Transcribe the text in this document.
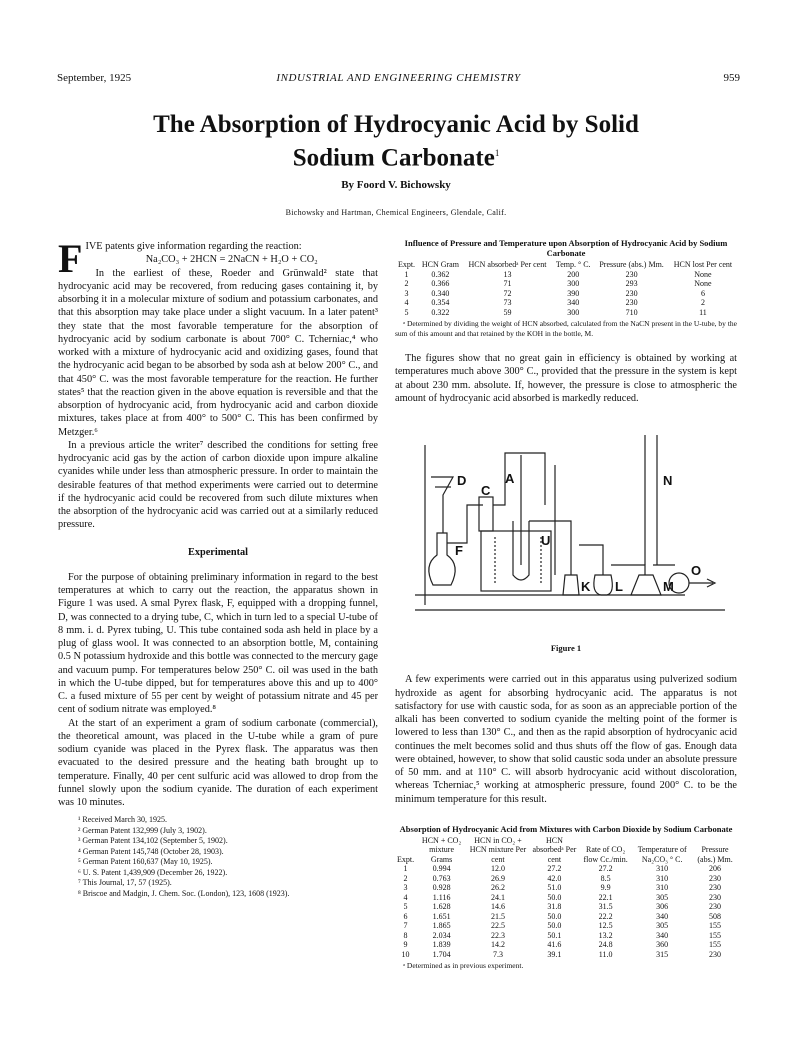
September, 1925	INDUSTRIAL AND ENGINEERING CHEMISTRY	959
The Absorption of Hydrocyanic Acid by Solid
Sodium Carbonate$^1$
By Foord V. Bichowsky
Bichowsky and Hartman, Chemical Engineers, Glendale, Calif.

FIVE patents give information regarding the reaction:

Na₂CO₃ + 2HCN = 2NaCN + H₂O + CO₂

In the earliest of these, Roeder and Grünwald² state that hydrocyanic acid may be recovered, from reducing gases containing it, by absorbing it in a molecular mixture of sodium and potassium carbonates, and that this absorption may take place under a slight vacuum. In a later patent³ they state that the most favorable temperature for the absorption of hydrocyanic acid by sodium carbonate is about 700° C. Tcherniac,⁴ who worked with a mixture of hydrocyanic acid and oxidizing gases, found that the hydrocyanic acid began to be absorbed by soda ash at below 200° C., and that 450° C. was the most favorable temperature for the reaction. He further states⁵ that the reaction given in the above equation is reversible and that the absorption of hydrocyanic acid, from hydrocyanic acid and carbon dioxide mixtures, takes place at from 400° to 500° C. This has been confirmed by Metzger.⁶

In a previous article the writer⁷ described the conditions for setting free hydrocyanic acid gas by the action of carbon dioxide upon impure alkaline cyanides while under less than atmospheric pressure. In order to maintain the desirable features of that method experiments were carried out to determine if the hydrocyanic acid could be recovered from such dilute mixtures when the absorption of the hydrocyanic acid was carried out at a similarly reduced pressure.

Experimental

For the purpose of obtaining preliminary information in regard to the best temperatures at which to carry out the reaction, the apparatus shown in Figure 1 was used. A smal Pyrex flask, F, equipped with a dropping funnel, D, was connected to a drying tube, C, which in turn led to a special U-tube of 8 mm. i. d. Pyrex tubing, U. This tube contained soda ash held in place by a plug of glass wool. It was connected to an absorption bottle, M, containing 0.5 N potassium hydroxide and this bottle was connected to the mercury gage and vacuum pump. For temperatures below 250° C. oil was used in the bath in which the U-tube dipped, but for temperatures above this and up to 400° C. a fused mixture of 55 per cent by weight of potassium nitrate and 45 per cent of sodium nitrate was employed.⁸

At the start of an experiment a gram of sodium carbonate (commercial), the theoretical amount, was placed in the U-tube while a gram of pure sodium cyanide was placed in the Pyrex flask. The apparatus was then evacuated to the desired pressure and the heating bath brought up to temperature. Finally, 40 per cent sulfuric acid was allowed to drop from the funnel slowly upon the sodium cyanide. The duration of each experiment was 10 minutes.

¹ Received March 30, 1925.
² German Patent 132,999 (July 3, 1902).
³ German Patent 134,102 (September 5, 1902).
⁴ German Patent 145,748 (October 28, 1903).
⁵ German Patent 160,637 (May 10, 1925).
⁶ U. S. Patent 1,439,909 (December 26, 1922).
⁷ This Journal, 17, 57 (1925).
⁸ Briscoe and Madgin, J. Chem. Soc. (London), 123, 1608 (1923).
Influence of Pressure and Temperature upon Absorption of Hydrocyanic Acid by Sodium Carbonate
Expt.	HCN Gram	HCN absorbedᵃ Per cent	Temp. ° C.	Pressure (abs.) Mm.	HCN lost Per cent
1	0.362	13	200	230	None
2	0.366	71	300	293	None
3	0.340	72	390	230	6
4	0.354	73	340	230	2
5	0.322	59	300	710	11
ᵃ Determined by dividing the weight of HCN absorbed, calculated from the NaCN present in the U-tube, by the sum of this amount and that retained by the KOH in the bottle, M.

The figures show that no great gain in efficiency is obtained by working at temperatures much above 300° C., provided that the pressure in the system is kept at about 230 mm. absolute. If, however, the pressure is close to atmospheric the amount of hydrocyanic acid absorbed is markedly reduced.

D	A
C
F
U
K L	M
O
N
Figure 1

A few experiments were carried out in this apparatus using pulverized sodium hydroxide as agent for absorbing hydrocyanic acid. The apparatus is not satisfactory for use with caustic soda, for as soon as an appreciable portion of the alkali has been converted to sodium cyanide the melting point of the former is lowered to less than 130° C., and then as the rapid absorption of hydrocyanic acid continues the melt becomes solid and thus shuts off the flow of gas. Enough data were obtained, however, to show that solid caustic soda under an absolute pressure of 50 mm. and at 110° C. will absorb hydrocyanic acid without discoloration, whereas Tcherniac,⁵ working at atmospheric pressure, found 200° C. to be the minimum temperature for this result.

Absorption of Hydrocyanic Acid from Mixtures with Carbon Dioxide by Sodium Carbonate
Expt.	HCN + CO₂ mixture Grams	HCN in CO₂ + HCN mixture Per cent	HCN absorbedᵃ Per cent	Rate of CO₂ flow Cc./min.	Temperature of Na₂CO₃ ° C.	Pressure (abs.) Mm.
1	0.994	12.0	27.2	27.2	310	206
2	0.763	26.9	42.0	8.5	310	230
3	0.928	26.2	51.0	9.9	310	230
4	1.116	24.1	50.0	22.1	305	230
5	1.628	14.6	31.8	31.5	306	230
6	1.651	21.5	50.0	22.2	340	508
7	1.865	22.5	50.0	12.5	305	155
8	2.034	22.3	50.1	13.2	340	155
9	1.839	14.2	41.6	24.8	360	155
10	1.704	7.3	39.1	11.0	315	230
ᵃ Determined as in previous experiment.
